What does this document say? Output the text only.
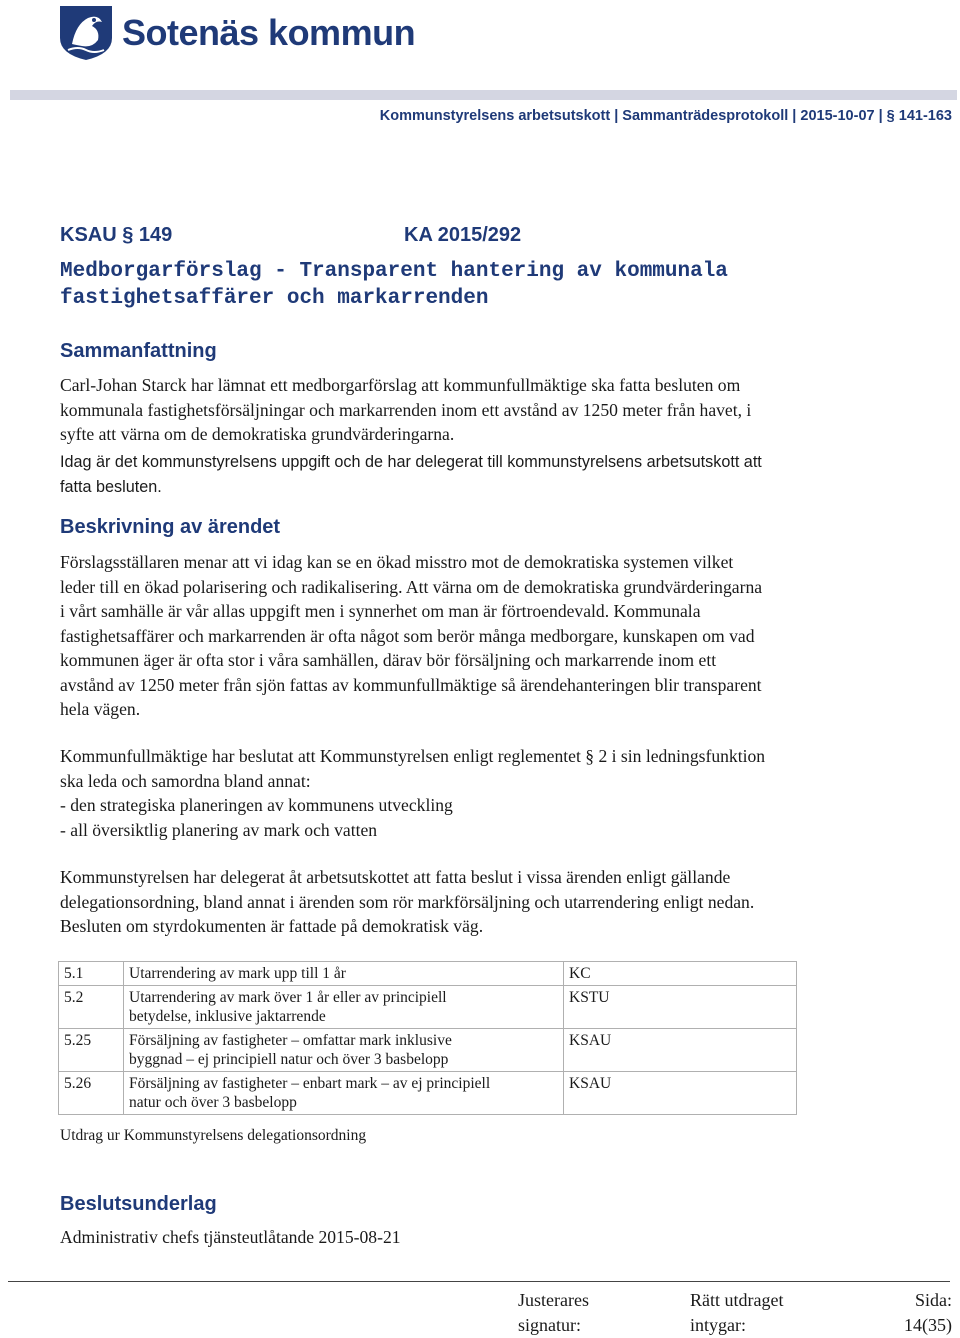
Sotenäs kommun
Kommunstyrelsens arbetsutskott | Sammanträdesprotokoll | 2015-10-07 | § 141-163
KSAU § 149	KA 2015/292
Medborgarförslag - Transparent hantering av kommunala
fastighetsaffärer och markarrenden
Sammanfattning
Carl-Johan Starck har lämnat ett medborgarförslag att kommunfullmäktige ska fatta besluten om
kommunala fastighetsförsäljningar och markarrenden inom ett avstånd av 1250 meter från havet, i
syfte att värna om de demokratiska grundvärderingarna.
Idag är det kommunstyrelsens uppgift och de har delegerat till kommunstyrelsens arbetsutskott att
fatta besluten.
Beskrivning av ärendet
Förslagsställaren menar att vi idag kan se en ökad misstro mot de demokratiska systemen vilket
leder till en ökad polarisering och radikalisering. Att värna om de demokratiska grundvärderingarna
i vårt samhälle är vår allas uppgift men i synnerhet om man är förtroendevald. Kommunala
fastighetsaffärer och markarrenden är ofta något som berör många medborgare, kunskapen om vad
kommunen äger är ofta stor i våra samhällen, därav bör försäljning och markarrende inom ett
avstånd av 1250 meter från sjön fattas av kommunfullmäktige så ärendehanteringen blir transparent
hela vägen.
Kommunfullmäktige har beslutat att Kommunstyrelsen enligt reglementet § 2 i sin ledningsfunktion
ska leda och samordna bland annat:
- den strategiska planeringen av kommunens utveckling
- all översiktlig planering av mark och vatten
Kommunstyrelsen har delegerat åt arbetsutskottet att fatta beslut i vissa ärenden enligt gällande
delegationsordning, bland annat i ärenden som rör markförsäljning och utarrendering enligt nedan.
Besluten om styrdokumenten är fattade på demokratisk väg.
5.1	Utarrendering av mark upp till 1 år	KC
5.2	Utarrendering av mark över 1 år eller av principiell
betydelse, inklusive jaktarrende	KSTU
5.25	Försäljning av fastigheter – omfattar mark inklusive
byggnad – ej principiell natur och över 3 basbelopp	KSAU
5.26	Försäljning av fastigheter – enbart mark – av ej principiell
natur och över 3 basbelopp	KSAU
Utdrag ur Kommunstyrelsens delegationsordning
Beslutsunderlag
Administrativ chefs tjänsteutlåtande 2015-08-21
Justerares
signatur:
Rätt utdraget
intygar:
Sida:
14(35)
